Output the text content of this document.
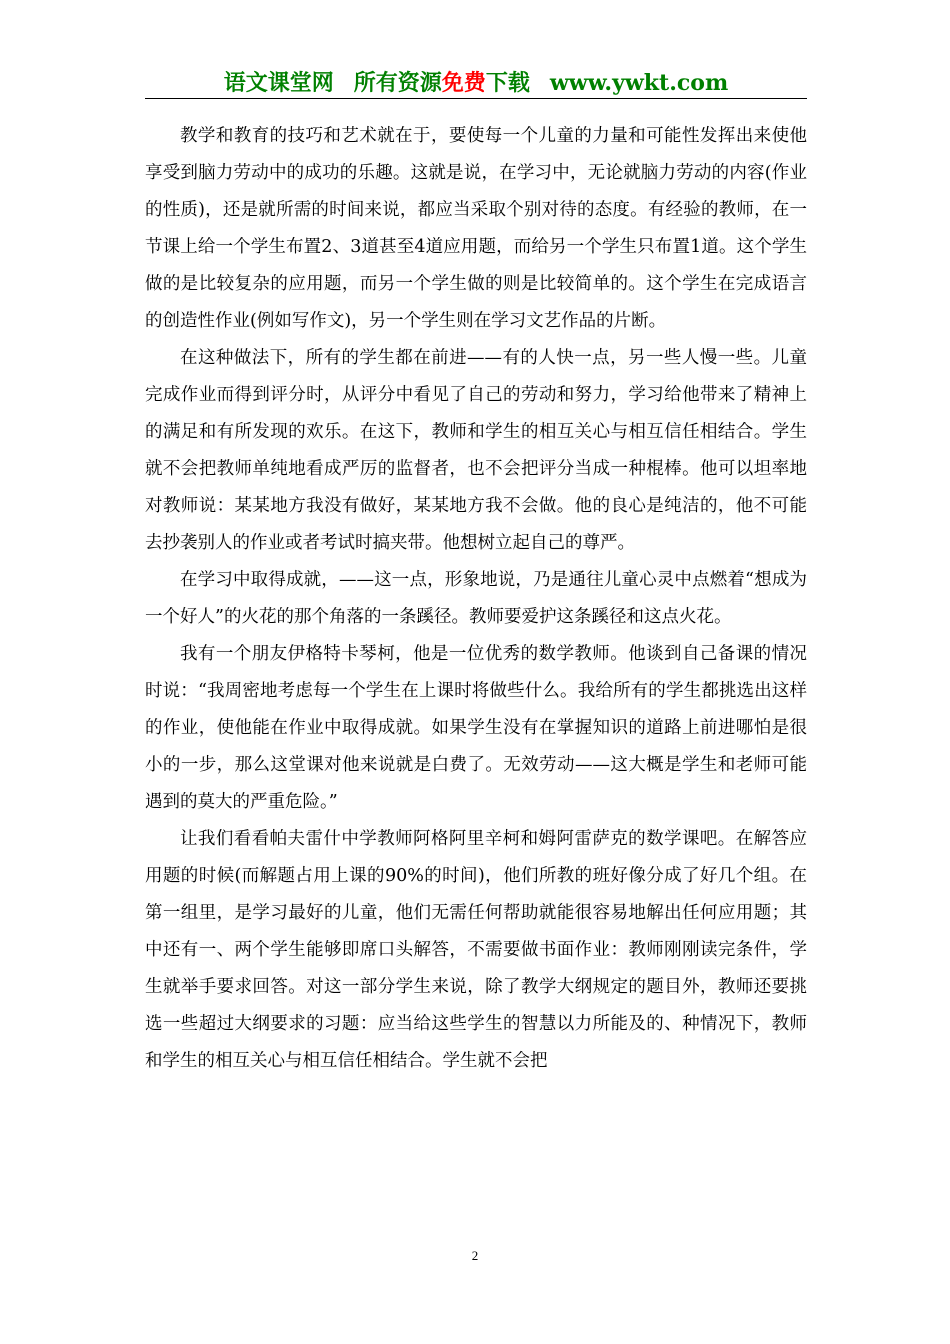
语文课堂网 所有资源免费下载 www.ywkt.com

教学和教育的技巧和艺术就在于，要使每一个儿童的力量和可能性发挥出来使他享受到脑力劳动中的成功的乐趣。这就是说，在学习中，无论就脑力劳动的内容(作业的性质)，还是就所需的时间来说，都应当采取个别对待的态度。有经验的教师，在一节课上给一个学生布置2、3道甚至4道应用题，而给另一个学生只布置1道。这个学生做的是比较复杂的应用题，而另一个学生做的则是比较简单的。这个学生在完成语言的创造性作业(例如写作文)，另一个学生则在学习文艺作品的片断。

在这种做法下，所有的学生都在前进——有的人快一点，另一些人慢一些。儿童完成作业而得到评分时，从评分中看见了自己的劳动和努力，学习给他带来了精神上的满足和有所发现的欢乐。在这下，教师和学生的相互关心与相互信任相结合。学生就不会把教师单纯地看成严厉的监督者，也不会把评分当成一种棍棒。他可以坦率地对教师说：某某地方我没有做好，某某地方我不会做。他的良心是纯洁的，他不可能去抄袭别人的作业或者考试时搞夹带。他想树立起自己的尊严。

在学习中取得成就，——这一点，形象地说，乃是通往儿童心灵中点燃着“想成为一个好人”的火花的那个角落的一条蹊径。教师要爱护这条蹊径和这点火花。

我有一个朋友伊格特卡琴柯，他是一位优秀的数学教师。他谈到自己备课的情况时说：“我周密地考虑每一个学生在上课时将做些什么。我给所有的学生都挑选出这样的作业，使他能在作业中取得成就。如果学生没有在掌握知识的道路上前进哪怕是很小的一步，那么这堂课对他来说就是白费了。无效劳动——这大概是学生和老师可能遇到的莫大的严重危险。”

让我们看看帕夫雷什中学教师阿格阿里辛柯和姆阿雷萨克的数学课吧。在解答应用题的时候(而解题占用上课的90%的时间)，他们所教的班好像分成了好几个组。在第一组里，是学习最好的儿童，他们无需任何帮助就能很容易地解出任何应用题；其中还有一、两个学生能够即席口头解答，不需要做书面作业：教师刚刚读完条件，学生就举手要求回答。对这一部分学生来说，除了教学大纲规定的题目外，教师还要挑选一些超过大纲要求的习题：应当给这些学生的智慧以力所能及的、种情况下，教师和学生的相互关心与相互信任相结合。学生就不会把

2
